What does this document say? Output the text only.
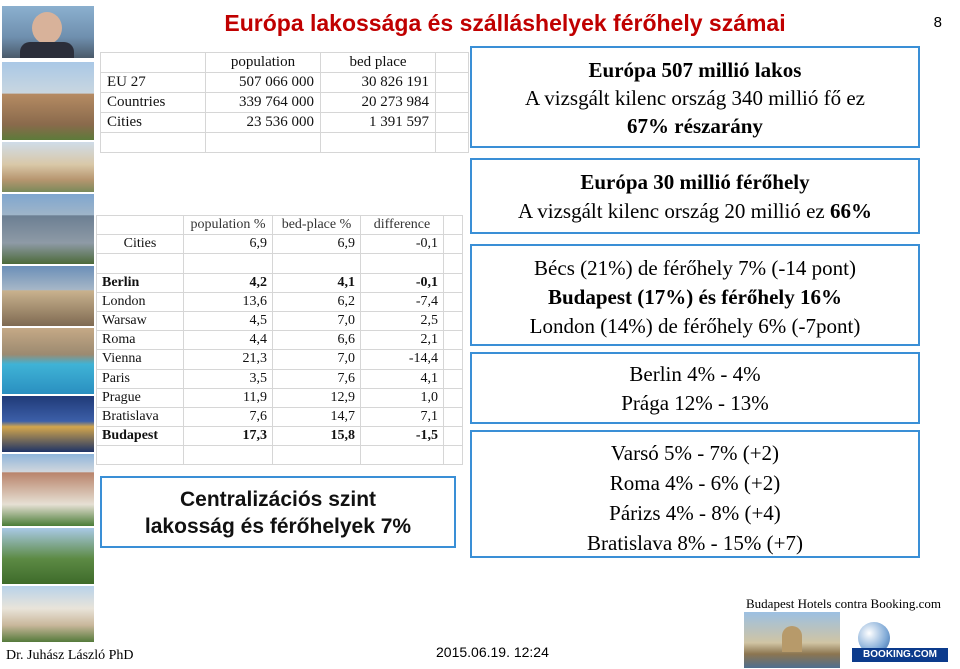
Európa lakossága és szálláshelyek férőhely számai	8
	population	bed place	
EU 27	507 066 000	30 826 191	
Countries	339 764 000	20 273 984	
Cities	23 536 000	1 391 597	

	population %	bed-place %	difference	
Cities	6,9	6,9	-0,1	

Berlin	4,2	4,1	-0,1	
London	13,6	6,2	-7,4	
Warsaw	4,5	7,0	2,5	
Roma	4,4	6,6	2,1	
Vienna	21,3	7,0	-14,4	
Paris	3,5	7,6	4,1	
Prague	11,9	12,9	1,0	
Bratislava	7,6	14,7	7,1	
Budapest	17,3	15,8	-1,5	

Európa 507 millió lakos
A vizsgált kilenc ország 340 millió fő ez
67% részarány
Európa 30 millió férőhely
A vizsgált kilenc ország 20 millió ez 66%
Bécs (21%) de férőhely 7% (-14 pont)
Budapest (17%) és férőhely 16%
London (14%) de férőhely 6% (-7pont)
Berlin 4% - 4%
Prága 12% - 13%
Varsó 5% - 7% (+2)
Roma 4% - 6% (+2)
Párizs 4% - 8% (+4)
Bratislava 8% - 15% (+7)
Centralizációs szint
lakosság és férőhelyek 7%
Budapest Hotels contra Booking.com
BOOKING.COM
Dr. Juhász László PhD	2015.06.19. 12:24
